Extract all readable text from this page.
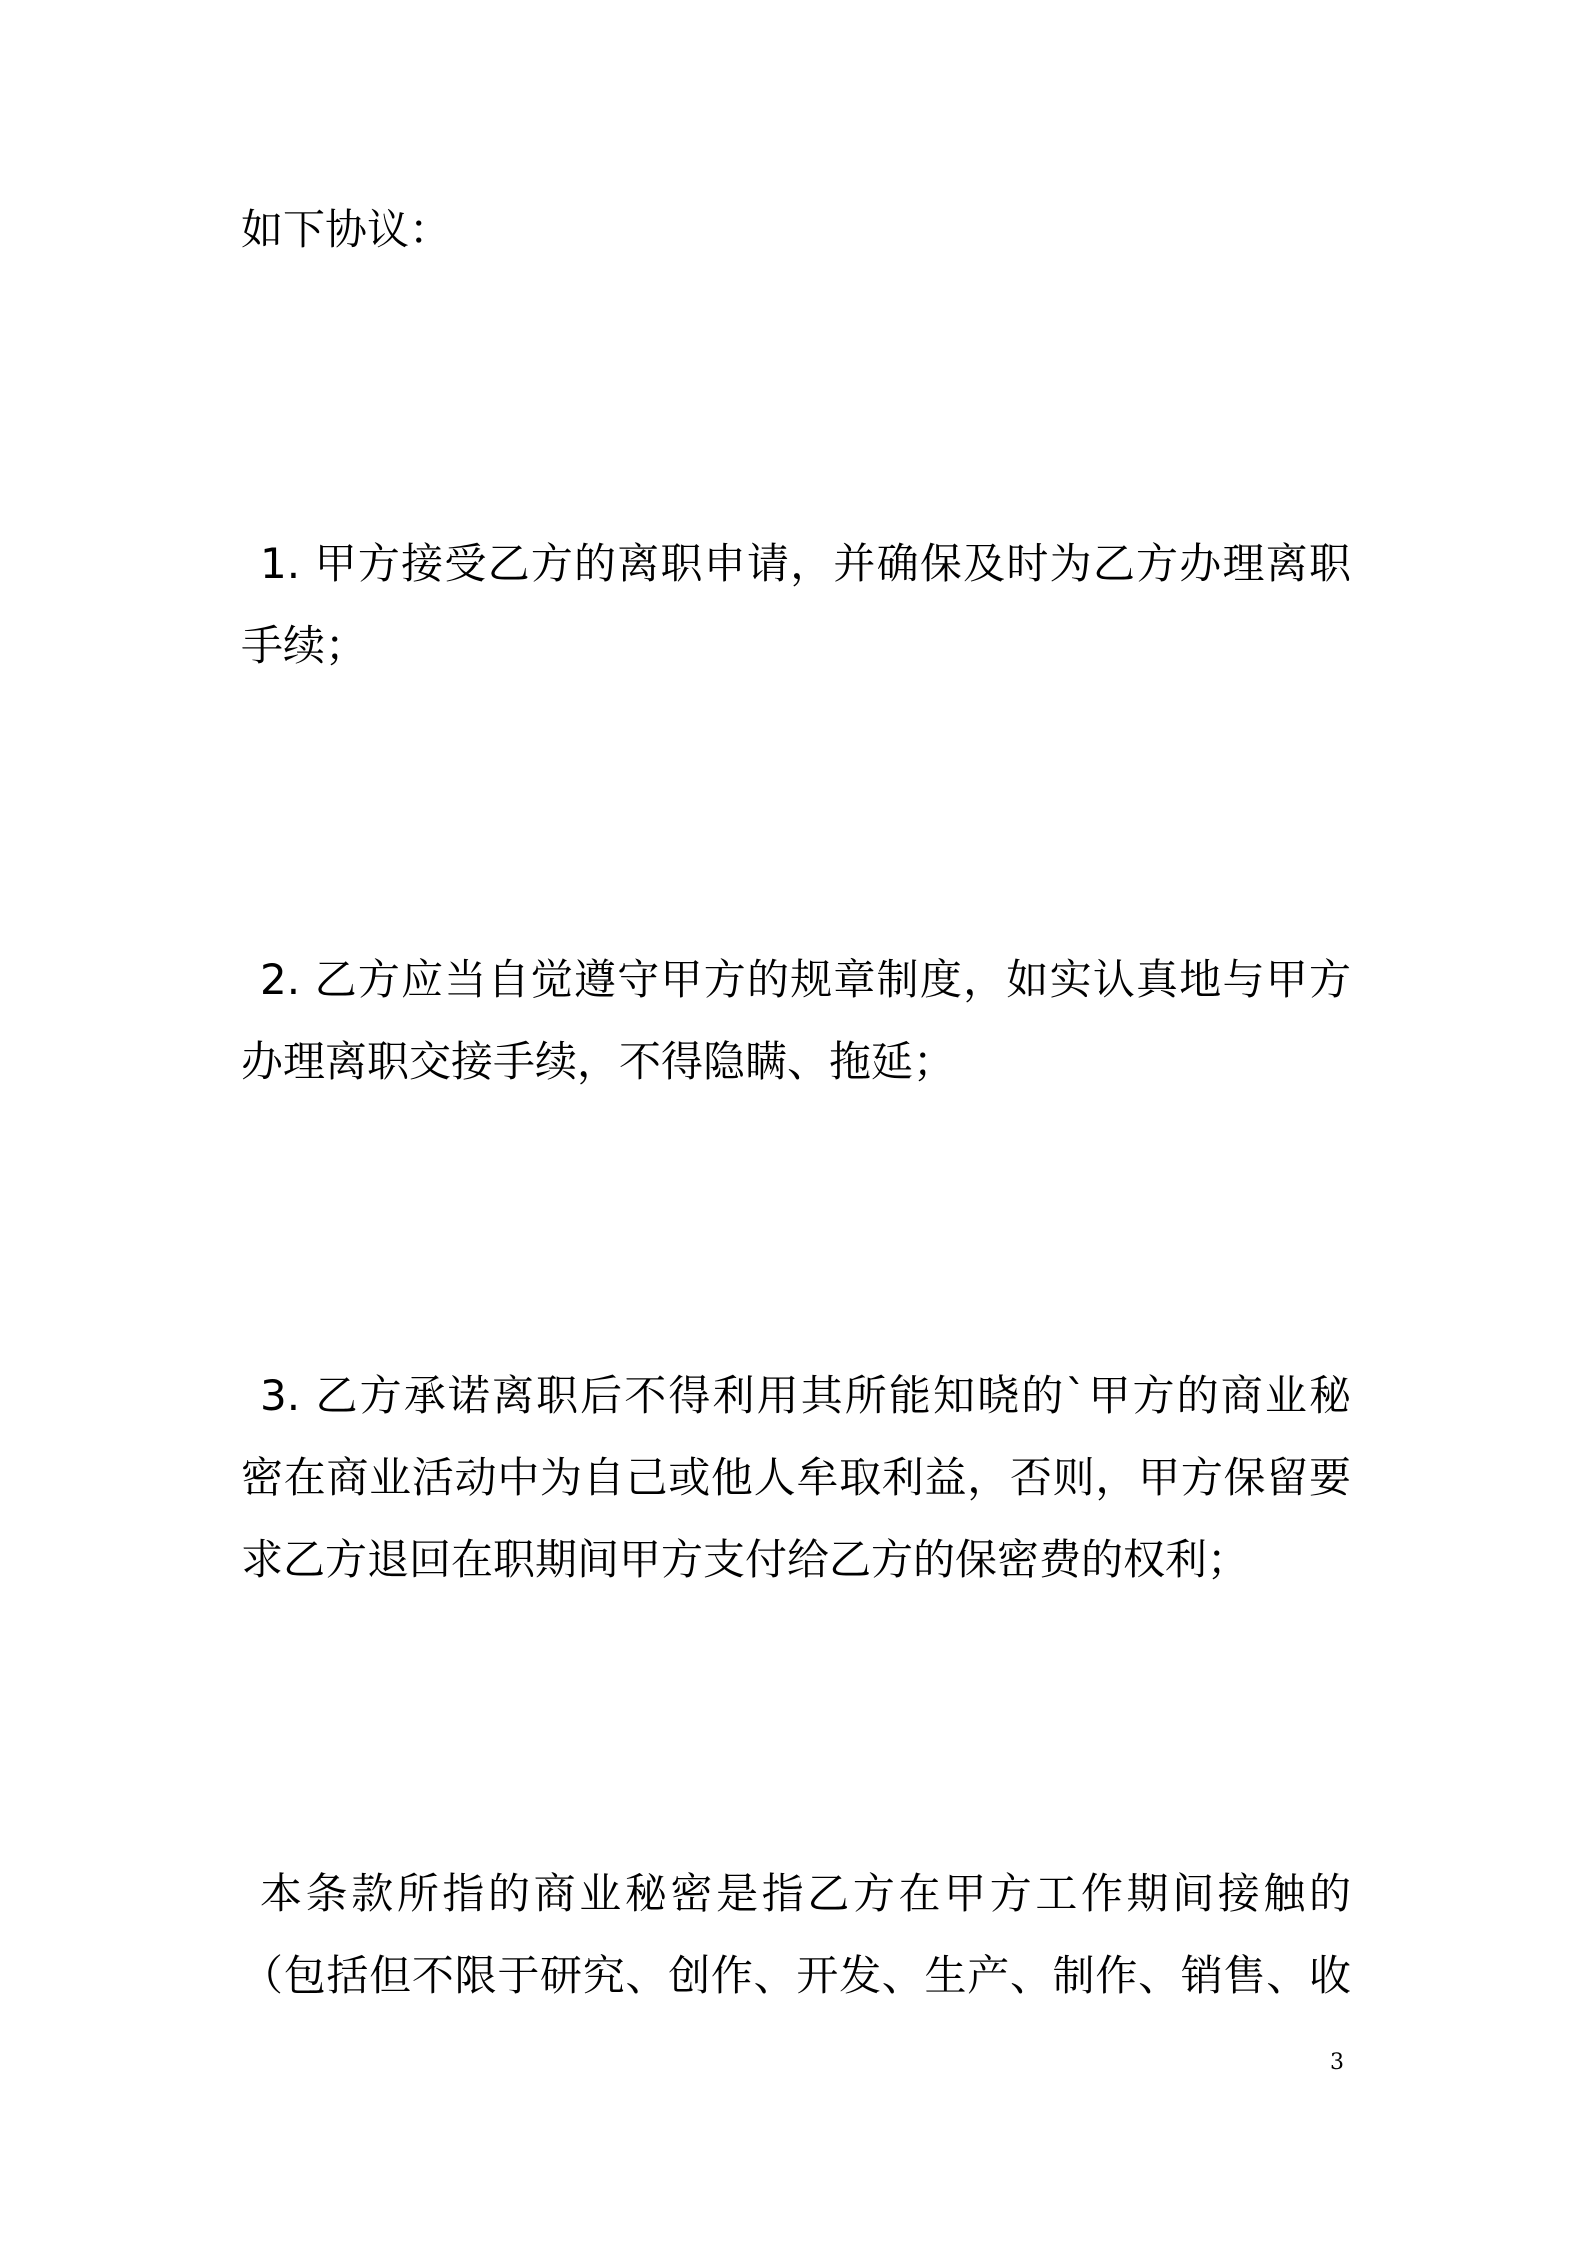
如下协议：
1. 甲方接受乙方的离职申请，并确保及时为乙方办理离职
手续；
2. 乙方应当自觉遵守甲方的规章制度，如实认真地与甲方
办理离职交接手续，不得隐瞒、拖延；
3. 乙方承诺离职后不得利用其所能知晓的`甲方的商业秘
密在商业活动中为自己或他人牟取利益，否则，甲方保留要
求乙方退回在职期间甲方支付给乙方的保密费的权利；
本条款所指的商业秘密是指乙方在甲方工作期间接触的
（包括但不限于研究、创作、开发、生产、制作、销售、收
3
